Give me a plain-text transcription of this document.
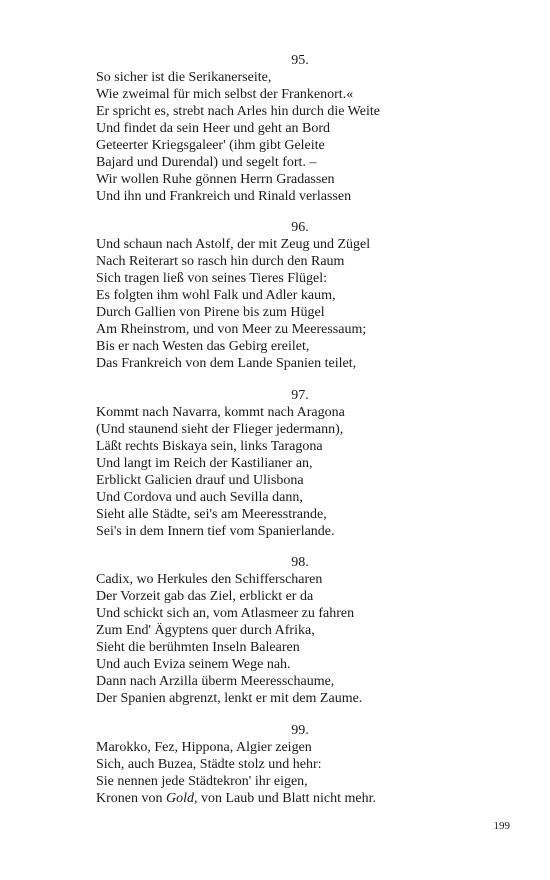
95.
So sicher ist die Serikanerseite,
Wie zweimal für mich selbst der Frankenort.«
Er spricht es, strebt nach Arles hin durch die Weite
Und findet da sein Heer und geht an Bord
Geteerter Kriegsgaleer' (ihm gibt Geleite
Bajard und Durendal) und segelt fort. –
Wir wollen Ruhe gönnen Herrn Gradassen
Und ihn und Frankreich und Rinald verlassen
96.
Und schaun nach Astolf, der mit Zeug und Zügel
Nach Reiterart so rasch hin durch den Raum
Sich tragen ließ von seines Tieres Flügel:
Es folgten ihm wohl Falk und Adler kaum,
Durch Gallien von Pirene bis zum Hügel
Am Rheinstrom, und von Meer zu Meeressaum;
Bis er nach Westen das Gebirg ereilet,
Das Frankreich von dem Lande Spanien teilet,
97.
Kommt nach Navarra, kommt nach Aragona
(Und staunend sieht der Flieger jedermann),
Läßt rechts Biskaya sein, links Taragona
Und langt im Reich der Kastilianer an,
Erblickt Galicien drauf und Ulisbona
Und Cordova und auch Sevilla dann,
Sieht alle Städte, sei's am Meeresstrande,
Sei's in dem Innern tief vom Spanierlande.
98.
Cadix, wo Herkules den Schifferscharen
Der Vorzeit gab das Ziel, erblickt er da
Und schickt sich an, vom Atlasmeer zu fahren
Zum End' Ägyptens quer durch Afrika,
Sieht die berühmten Inseln Balearen
Und auch Eviza seinem Wege nah.
Dann nach Arzilla überm Meeresschaume,
Der Spanien abgrenzt, lenkt er mit dem Zaume.
99.
Marokko, Fez, Hippona, Algier zeigen
Sich, auch Buzea, Städte stolz und hehr:
Sie nennen jede Städtekron' ihr eigen,
Kronen von Gold, von Laub und Blatt nicht mehr.
199
